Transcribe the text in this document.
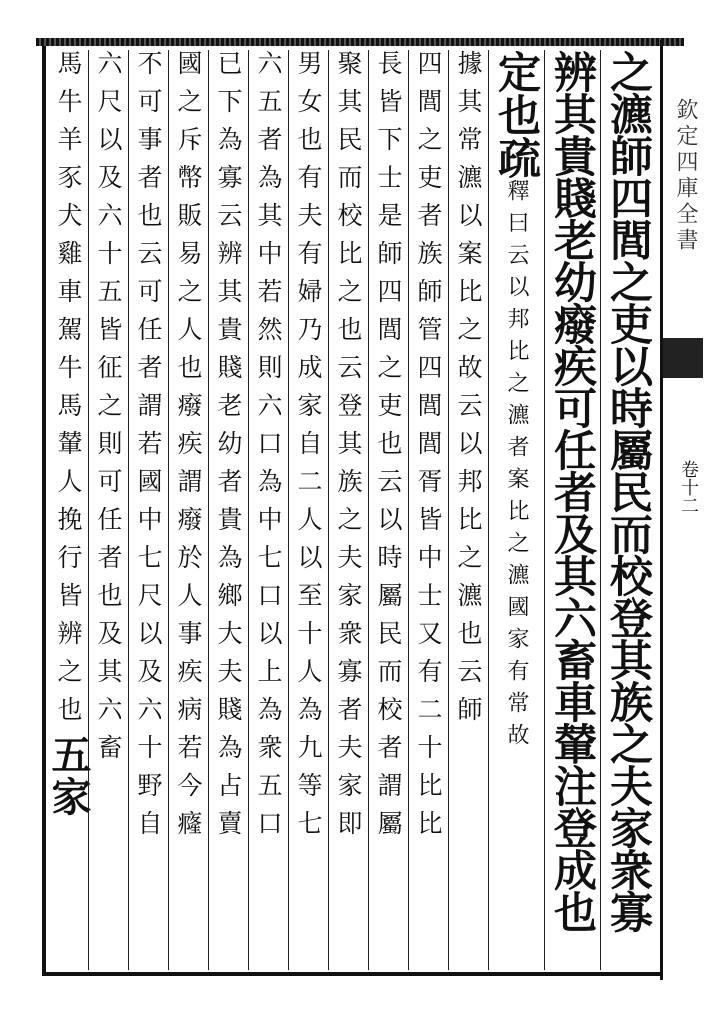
欽定四庫全書
卷十二
之瀌師四閭之吏以時屬民而校登其族之夫家衆寡
辨其貴賤老幼癈疾可任者及其六畜車輦注登成也
定也疏釋曰云以邦比之瀌者案比之瀌國家有常故
據其常瀌以案比之故云以邦比之瀌也云師
四閭之吏者族師管四閭閭胥皆中士又有二十比比
長皆下士是師四閭之吏也云以時屬民而校者謂屬
聚其民而校比之也云登其族之夫家衆寡者夫家即
男女也有夫有婦乃成家自二人以至十人為九等七
六五者為其中若然則六口為中七口以上為衆五口
已下為寡云辨其貴賤老幼者貴為鄉大夫賤為占賣
國之斥幣販易之人也癈疾謂癈於人事疾病若今癃
不可事者也云可任者謂若國中七尺以及六十野自
六尺以及六十五皆征之則可任者也及其六畜
馬牛羊豕犬雞車駕牛馬輦人挽行皆辨之也五家
